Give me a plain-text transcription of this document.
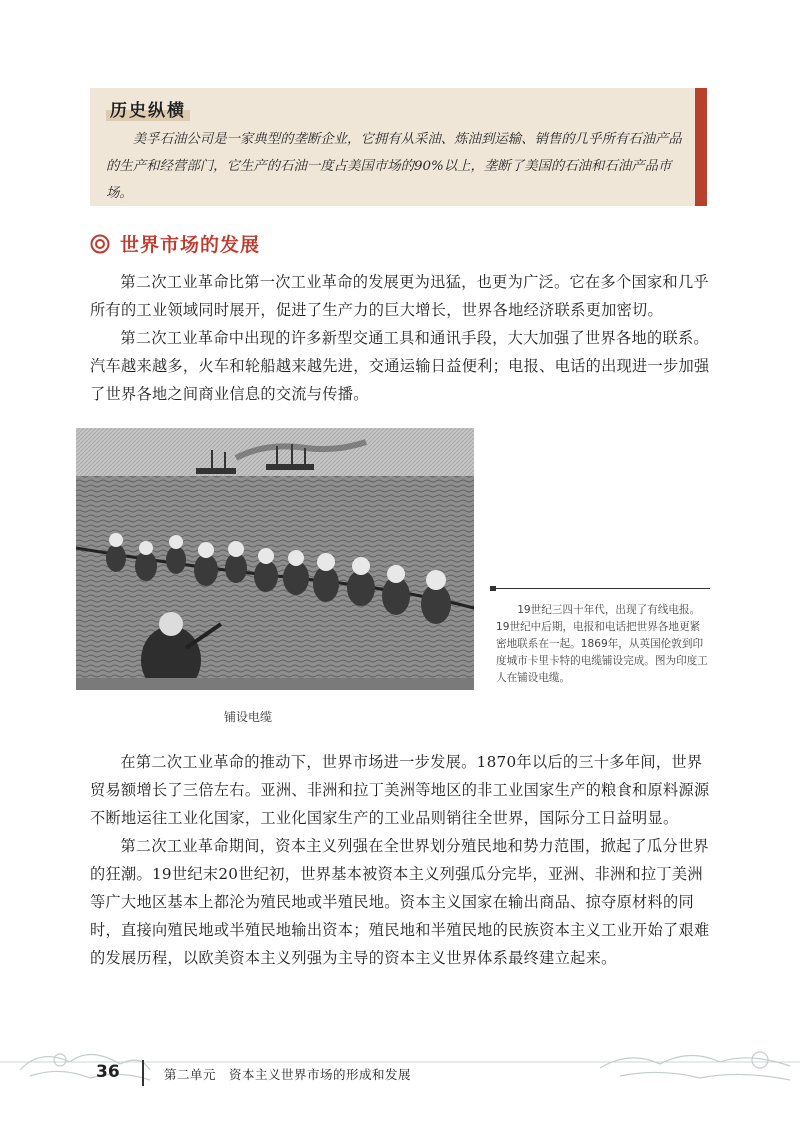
历史纵横

美孚石油公司是一家典型的垄断企业，它拥有从采油、炼油到运输、销售的几乎所有石油产品的生产和经营部门，它生产的石油一度占美国市场的90%以上，垄断了美国的石油和石油产品市场。

世界市场的发展

第二次工业革命比第一次工业革命的发展更为迅猛，也更为广泛。它在多个国家和几乎所有的工业领域同时展开，促进了生产力的巨大增长，世界各地经济联系更加密切。

第二次工业革命中出现的许多新型交通工具和通讯手段，大大加强了世界各地的联系。汽车越来越多，火车和轮船越来越先进，交通运输日益便利；电报、电话的出现进一步加强了世界各地之间商业信息的交流与传播。

铺设电缆

19世纪三四十年代，出现了有线电报。19世纪中后期，电报和电话把世界各地更紧密地联系在一起。1869年，从英国伦敦到印度城市卡里卡特的电缆铺设完成。图为印度工人在铺设电缆。

在第二次工业革命的推动下，世界市场进一步发展。1870年以后的三十多年间，世界贸易额增长了三倍左右。亚洲、非洲和拉丁美洲等地区的非工业国家生产的粮食和原料源源不断地运往工业化国家，工业化国家生产的工业品则销往全世界，国际分工日益明显。

第二次工业革命期间，资本主义列强在全世界划分殖民地和势力范围，掀起了瓜分世界的狂潮。19世纪末20世纪初，世界基本被资本主义列强瓜分完毕，亚洲、非洲和拉丁美洲等广大地区基本上都沦为殖民地或半殖民地。资本主义国家在输出商品、掠夺原材料的同时，直接向殖民地或半殖民地输出资本；殖民地和半殖民地的民族资本主义工业开始了艰难的发展历程，以欧美资本主义列强为主导的资本主义世界体系最终建立起来。

36	第二单元　资本主义世界市场的形成和发展
